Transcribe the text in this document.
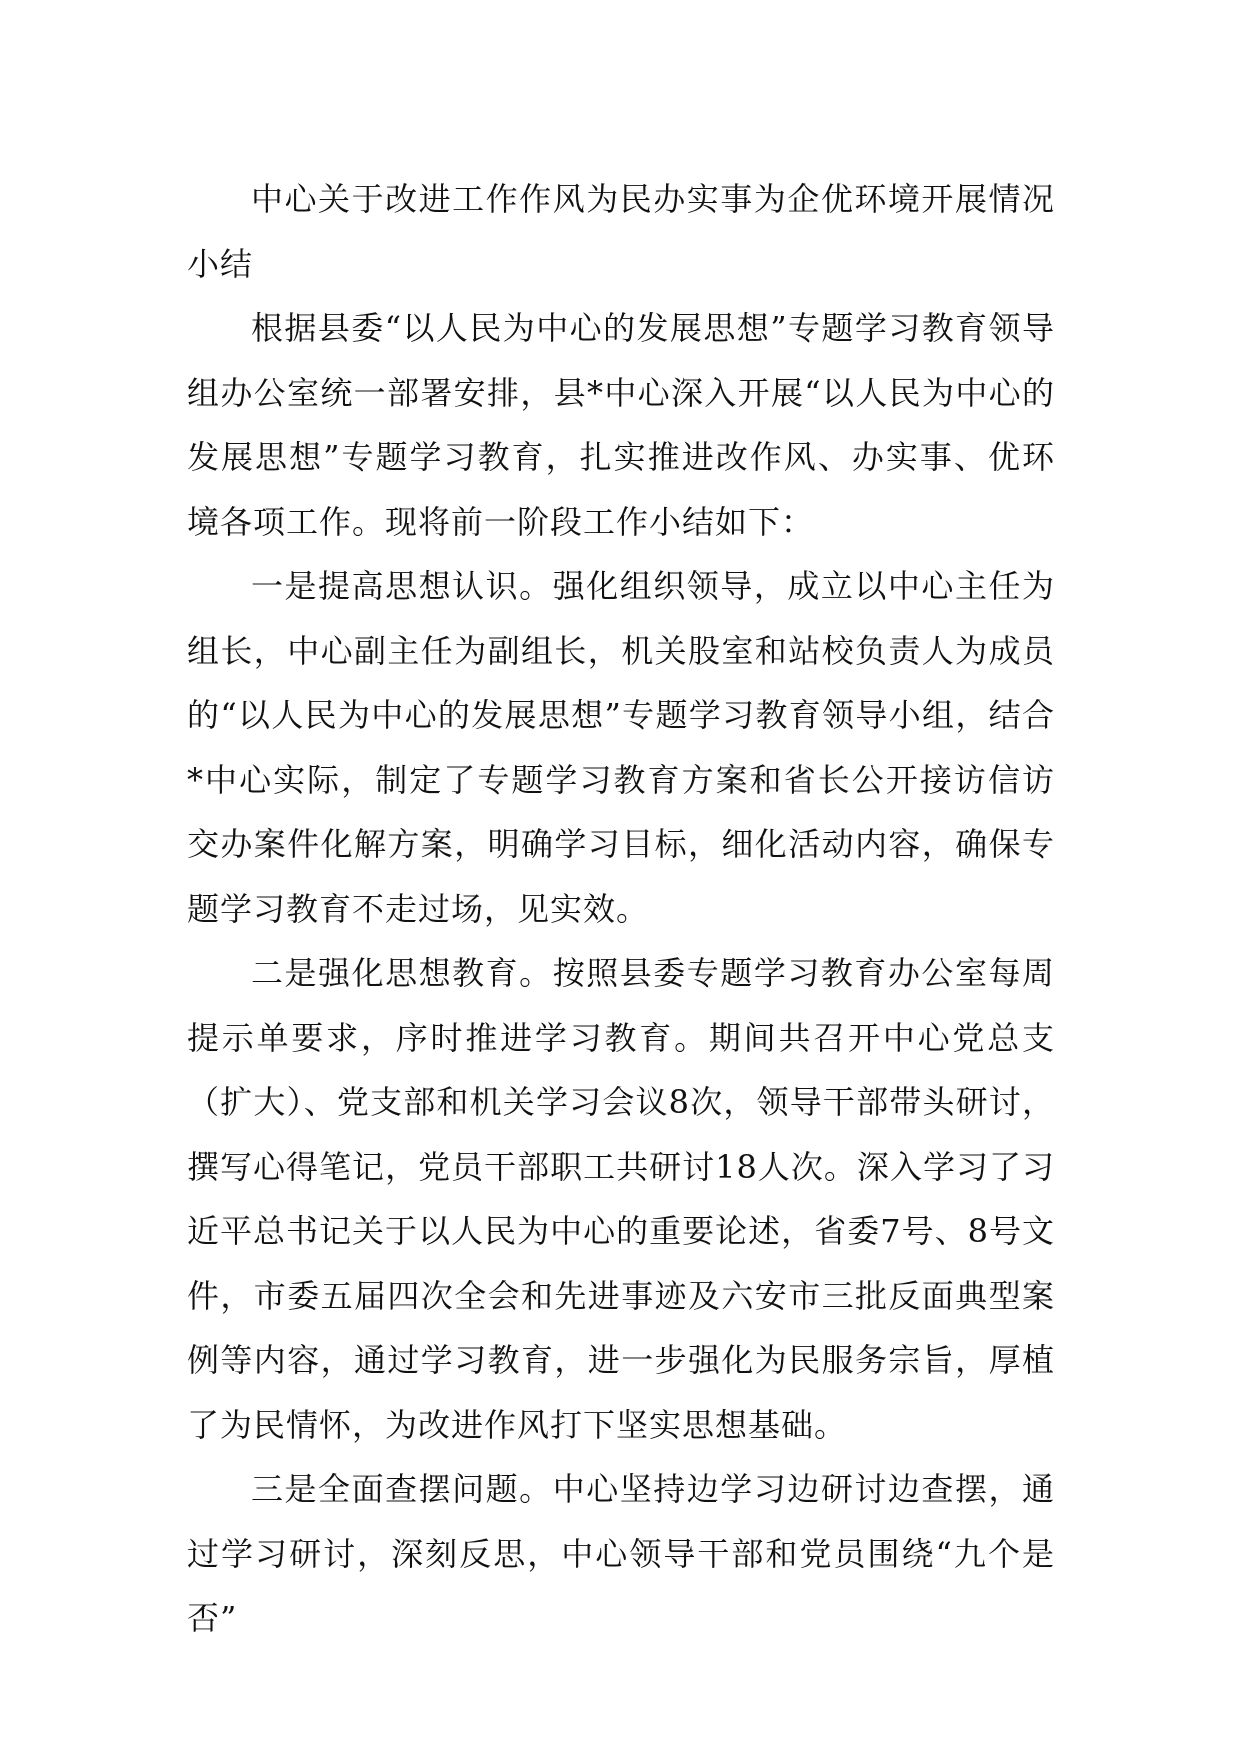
中心关于改进工作作风为民办实事为企优环境开展情况小结

根据县委“以人民为中心的发展思想”专题学习教育领导组办公室统一部署安排，县*中心深入开展“以人民为中心的发展思想”专题学习教育，扎实推进改作风、办实事、优环境各项工作。现将前一阶段工作小结如下：

一是提高思想认识。强化组织领导，成立以中心主任为组长，中心副主任为副组长，机关股室和站校负责人为成员的“以人民为中心的发展思想”专题学习教育领导小组，结合*中心实际，制定了专题学习教育方案和省长公开接访信访交办案件化解方案，明确学习目标，细化活动内容，确保专题学习教育不走过场，见实效。

二是强化思想教育。按照县委专题学习教育办公室每周提示单要求，序时推进学习教育。期间共召开中心党总支（扩大）、党支部和机关学习会议8次，领导干部带头研讨，撰写心得笔记，党员干部职工共研讨18人次。深入学习了习近平总书记关于以人民为中心的重要论述，省委7号、8号文件，市委五届四次全会和先进事迹及六安市三批反面典型案例等内容，通过学习教育，进一步强化为民服务宗旨，厚植了为民情怀，为改进作风打下坚实思想基础。

三是全面查摆问题。中心坚持边学习边研讨边查摆，通过学习研讨，深刻反思，中心领导干部和党员围绕“九个是否”
